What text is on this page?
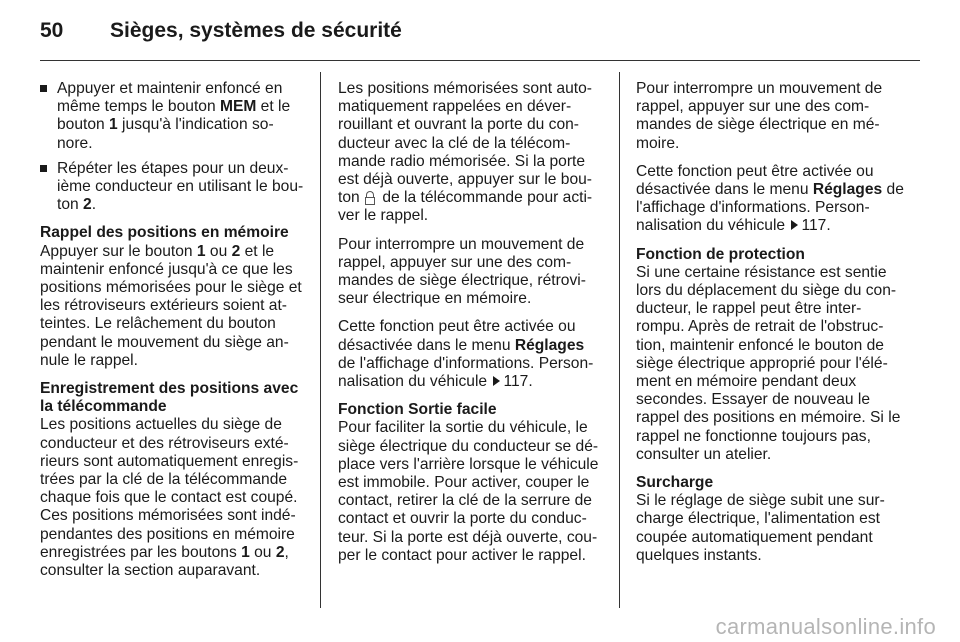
50 Sièges, systèmes de sécurité
Appuyer et maintenir enfoncé en même temps le bouton MEM et le bouton 1 jusqu'à l'indication so-nore.
Répéter les étapes pour un deux-ième conducteur en utilisant le bou-ton 2.
Rappel des positions en mémoire

Appuyer sur le bouton 1 ou 2 et le maintenir enfoncé jusqu'à ce que les positions mémorisées pour le siège et les rétroviseurs extérieurs soient at-teintes. Le relâchement du bouton pendant le mouvement du siège an-nule le rappel.

Enregistrement des positions avec la télécommande

Les positions actuelles du siège de conducteur et des rétroviseurs exté-rieurs sont automatiquement enregis-trées par la clé de la télécommande chaque fois que le contact est coupé. Ces positions mémorisées sont indé-pendantes des positions en mémoire enregistrées par les boutons 1 ou 2, consulter la section auparavant.

Les positions mémorisées sont auto-matiquement rappelées en déver-rouillant et ouvrant la porte du con-ducteur avec la clé de la télécom-mande radio mémorisée. Si la porte est déjà ouverte, appuyer sur le bou-ton
de la télécommande pour acti-ver le rappel.

Pour interrompre un mouvement de rappel, appuyer sur une des com-mandes de siège électrique, rétrovi-seur électrique en mémoire.

Cette fonction peut être activée ou désactivée dans le menu Réglages de l'affichage d'informations. Person-nalisation du véhicule 117.

Fonction Sortie facile

Pour faciliter la sortie du véhicule, le siège électrique du conducteur se dé-place vers l'arrière lorsque le véhicule est immobile. Pour activer, couper le contact, retirer la clé de la serrure de contact et ouvrir la porte du conduc-teur. Si la porte est déjà ouverte, cou-per le contact pour activer le rappel.

Pour interrompre un mouvement de rappel, appuyer sur une des com-mandes de siège électrique en mé-moire.

Cette fonction peut être activée ou désactivée dans le menu Réglages de l'affichage d'informations. Person-nalisation du véhicule 117.

Fonction de protection

Si une certaine résistance est sentie lors du déplacement du siège du con-ducteur, le rappel peut être inter-rompu. Après de retrait de l'obstruc-tion, maintenir enfoncé le bouton de siège électrique approprié pour l'élé-ment en mémoire pendant deux secondes. Essayer de nouveau le rappel des positions en mémoire. Si le rappel ne fonctionne toujours pas, consulter un atelier.

Surcharge

Si le réglage de siège subit une sur-charge électrique, l'alimentation est coupée automatiquement pendant quelques instants.

carmanualsonline.info
